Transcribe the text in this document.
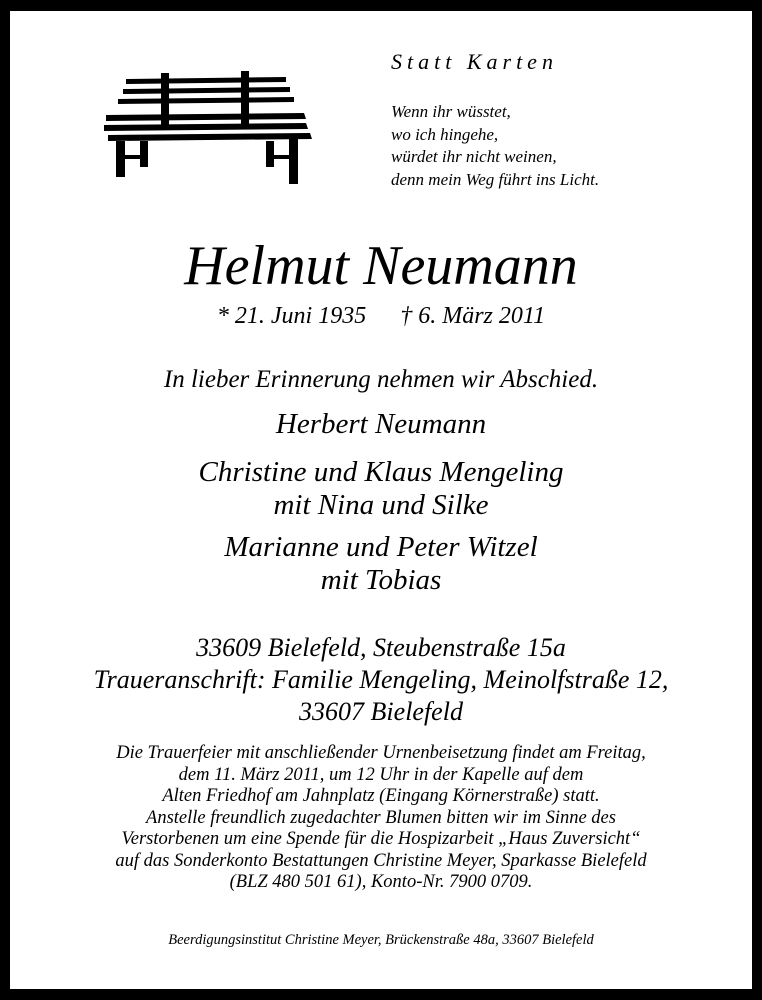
Statt Karten
Wenn ihr wüsstet,
wo ich hingehe,
würdet ihr nicht weinen,
denn mein Weg führt ins Licht.
Helmut Neumann
* 21. Juni 1935 † 6. März 2011
In lieber Erinnerung nehmen wir Abschied.
Herbert Neumann
Christine und Klaus Mengeling
mit Nina und Silke
Marianne und Peter Witzel
mit Tobias
33609 Bielefeld, Steubenstraße 15a
Traueranschrift: Familie Mengeling, Meinolfstraße 12,
33607 Bielefeld
Die Trauerfeier mit anschließender Urnenbeisetzung findet am Freitag,
dem 11. März 2011, um 12 Uhr in der Kapelle auf dem
Alten Friedhof am Jahnplatz (Eingang Körnerstraße) statt.
Anstelle freundlich zugedachter Blumen bitten wir im Sinne des
Verstorbenen um eine Spende für die Hospizarbeit „Haus Zuversicht“
auf das Sonderkonto Bestattungen Christine Meyer, Sparkasse Bielefeld
(BLZ 480 501 61), Konto-Nr. 7900 0709.
Beerdigungsinstitut Christine Meyer, Brückenstraße 48a, 33607 Bielefeld
